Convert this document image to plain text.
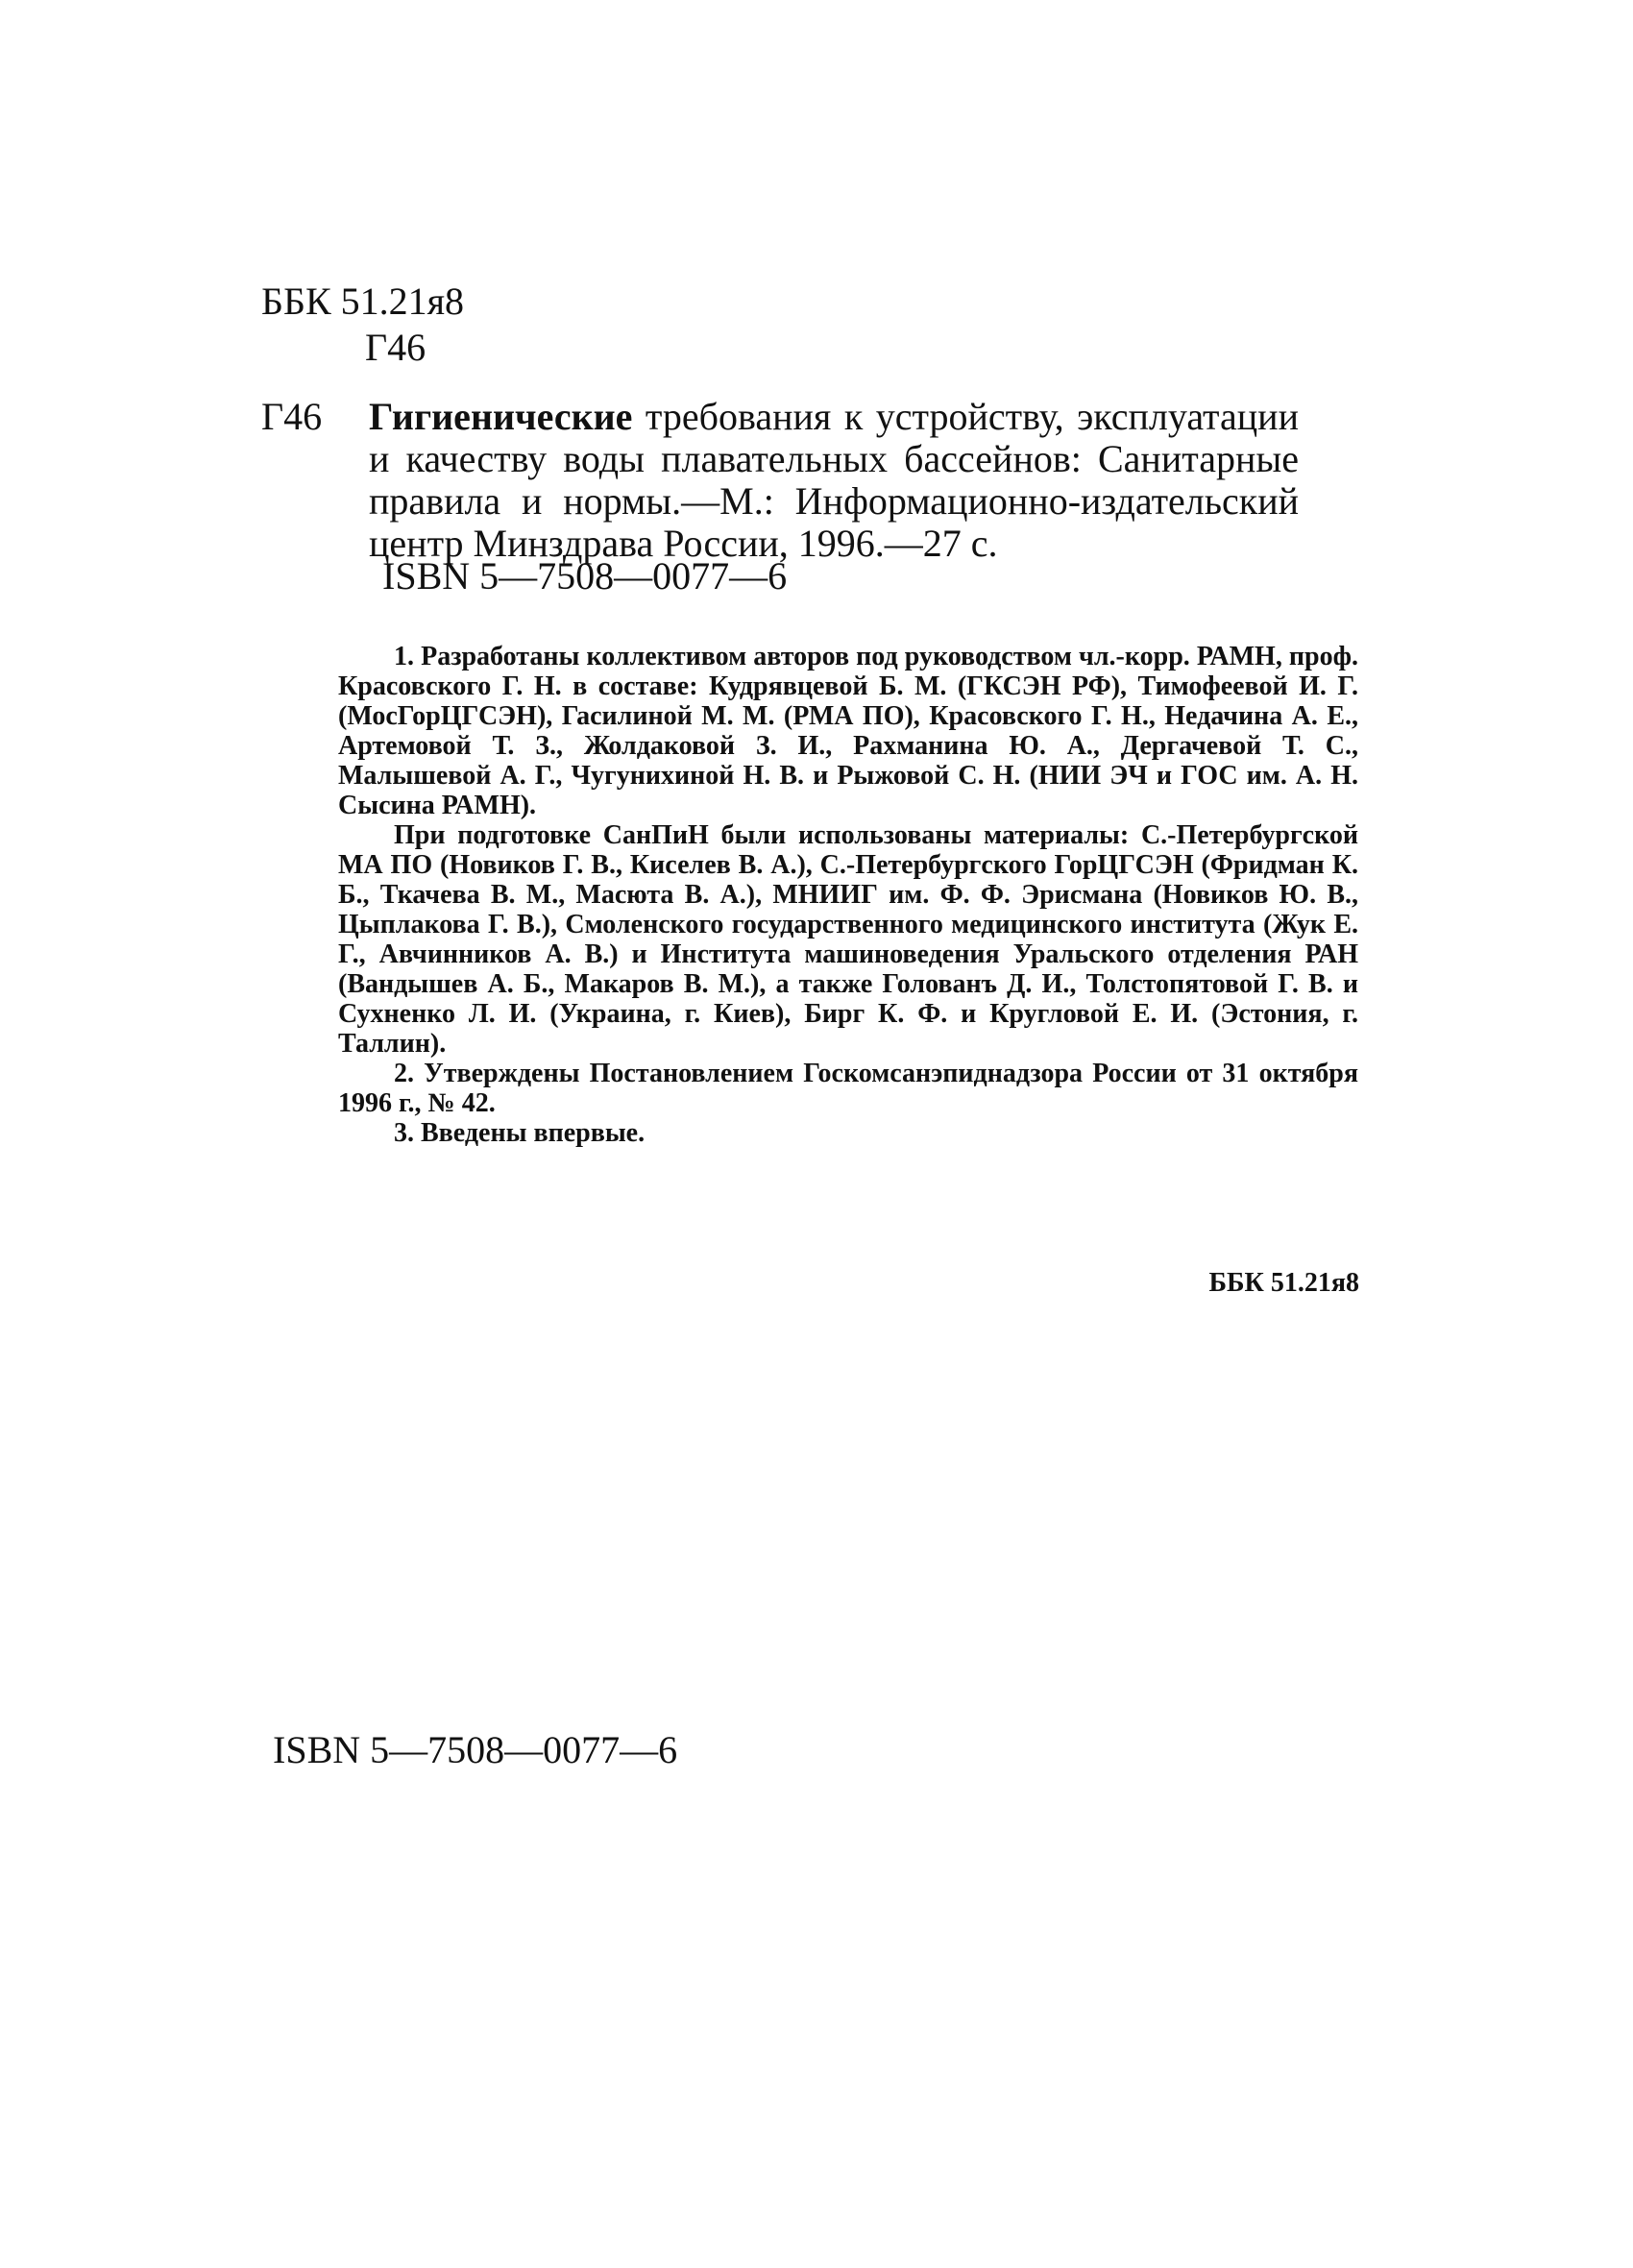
ББК 51.21я8
Г46
Г46 Гигиенические требования к устройству, эксплуатации и качеству воды плавательных бассейнов: Санитарные правила и нормы.—М.: Информационно-издательский центр Минздрава России, 1996.—27 с.
ISBN 5—7508—0077—6

1. Разработаны коллективом авторов под руководством чл.-корр. РАМН, проф. Красовского Г. Н. в составе: Кудрявцевой Б. М. (ГКСЭН РФ), Тимофеевой И. Г. (МосГорЦГСЭН), Гасилиной М. М. (РМА ПО), Красовского Г. Н., Недачина А. Е., Артемовой Т. З., Жолдаковой З. И., Рахманина Ю. А., Дергачевой Т. С., Малышевой А. Г., Чугунихиной Н. В. и Рыжовой С. Н. (НИИ ЭЧ и ГОС им. А. Н. Сысина РАМН).

При подготовке СанПиН были использованы материалы: С.-Петербургской МА ПО (Новиков Г. В., Киселев В. А.), С.-Петербургского ГорЦГСЭН (Фридман К. Б., Ткачева В. М., Масюта В. А.), МНИИГ им. Ф. Ф. Эрисмана (Новиков Ю. В., Цыплакова Г. В.), Смоленского государственного медицинского института (Жук Е. Г., Авчинников А. В.) и Института машиноведения Уральского отделения РАН (Вандышев А. Б., Макаров В. М.), а также Голованъ Д. И., Толстопятовой Г. В. и Сухненко Л. И. (Украина, г. Киев), Бирг К. Ф. и Кругловой Е. И. (Эстония, г. Таллин).

2. Утверждены Постановлением Госкомсанэпиднадзора России от 31 октября 1996 г., № 42.

3. Введены впервые.

ББК 51.21я8
ISBN 5—7508—0077—6
